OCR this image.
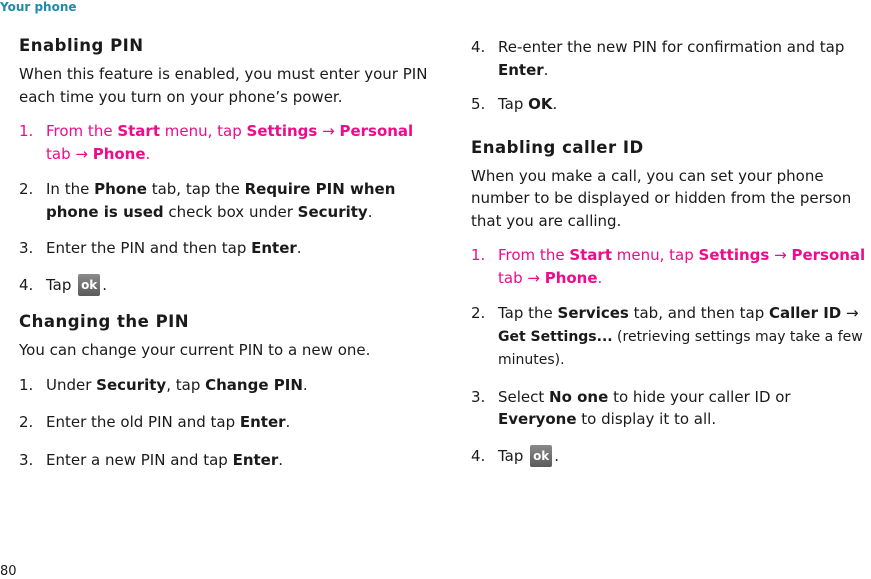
Your phone
Enabling PIN

When this feature is enabled, you must enter your PIN each time you turn on your phone’s power.

1. From the Start menu, tap Settings → Personal tab → Phone.
2. In the Phone tab, tap the Require PIN when phone is used check box under Security.
3. Enter the PIN and then tap Enter.
4. Tap ok .
Changing the PIN

You can change your current PIN to a new one.

1. Under Security, tap Change PIN.
2. Enter the old PIN and tap Enter.
3. Enter a new PIN and tap Enter.
4. Re-enter the new PIN for confirmation and tap Enter.
5. Tap OK.
Enabling caller ID

When you make a call, you can set your phone number to be displayed or hidden from the person that you are calling.

1. From the Start menu, tap Settings → Personal tab → Phone.
2. Tap the Services tab, and then tap Caller ID → Get Settings... (retrieving settings may take a few minutes).
3. Select No one to hide your caller ID or Everyone to display it to all.
4. Tap ok .
80
